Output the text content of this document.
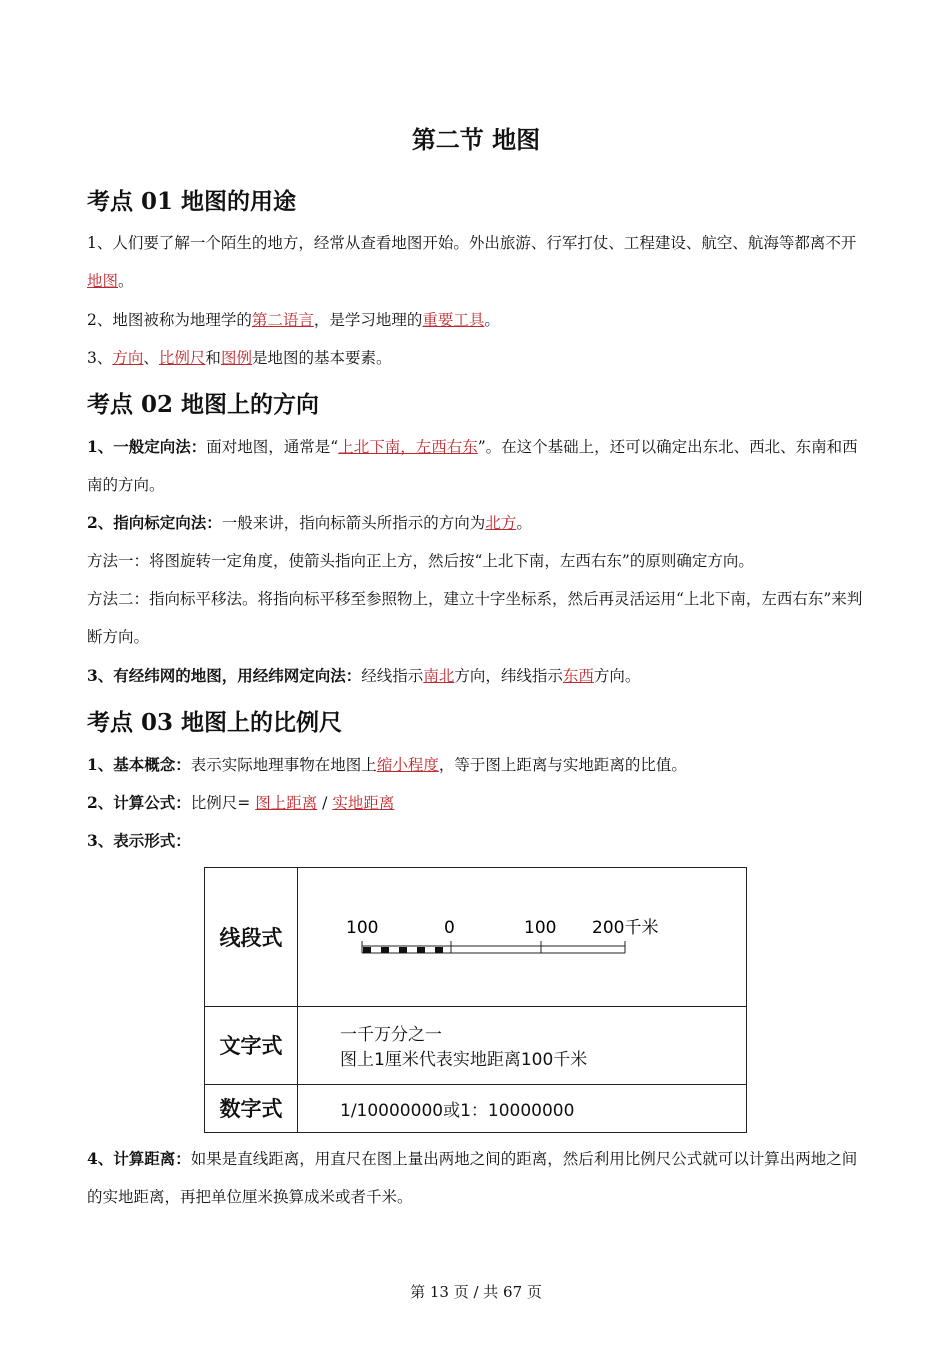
第二节 地图
考点 01 地图的用途
1、人们要了解一个陌生的地方，经常从查看地图开始。外出旅游、行军打仗、工程建设、航空、航海等都离不开地图。
2、地图被称为地理学的第二语言，是学习地理的重要工具。
3、方向、比例尺和图例是地图的基本要素。
考点 02 地图上的方向
1、一般定向法：面对地图，通常是“上北下南，左西右东”。在这个基础上，还可以确定出东北、西北、东南和西南的方向。
2、指向标定向法：一般来讲，指向标箭头所指示的方向为北方。
方法一：将图旋转一定角度，使箭头指向正上方，然后按“上北下南，左西右东”的原则确定方向。
方法二：指向标平移法。将指向标平移至参照物上，建立十字坐标系，然后再灵活运用“上北下南，左西右东”来判断方向。
3、有经纬网的地图，用经纬网定向法：经线指示南北方向，纬线指示东西方向。
考点 03 地图上的比例尺
1、基本概念：表示实际地理事物在地图上缩小程度，等于图上距离与实地距离的比值。
2、计算公式：比例尺= 图上距离 / 实地距离
3、表示形式：
4、计算距离：如果是直线距离，用直尺在图上量出两地之间的距离，然后利用比例尺公式就可以计算出两地之间的实地距离，再把单位厘米换算成米或者千米。
线段式	100 0 100 200千米

文字式	一千万分之一
图上1厘米代表实地距离100千米

数字式	1/10000000或1：10000000
第 13 页 / 共 67 页
